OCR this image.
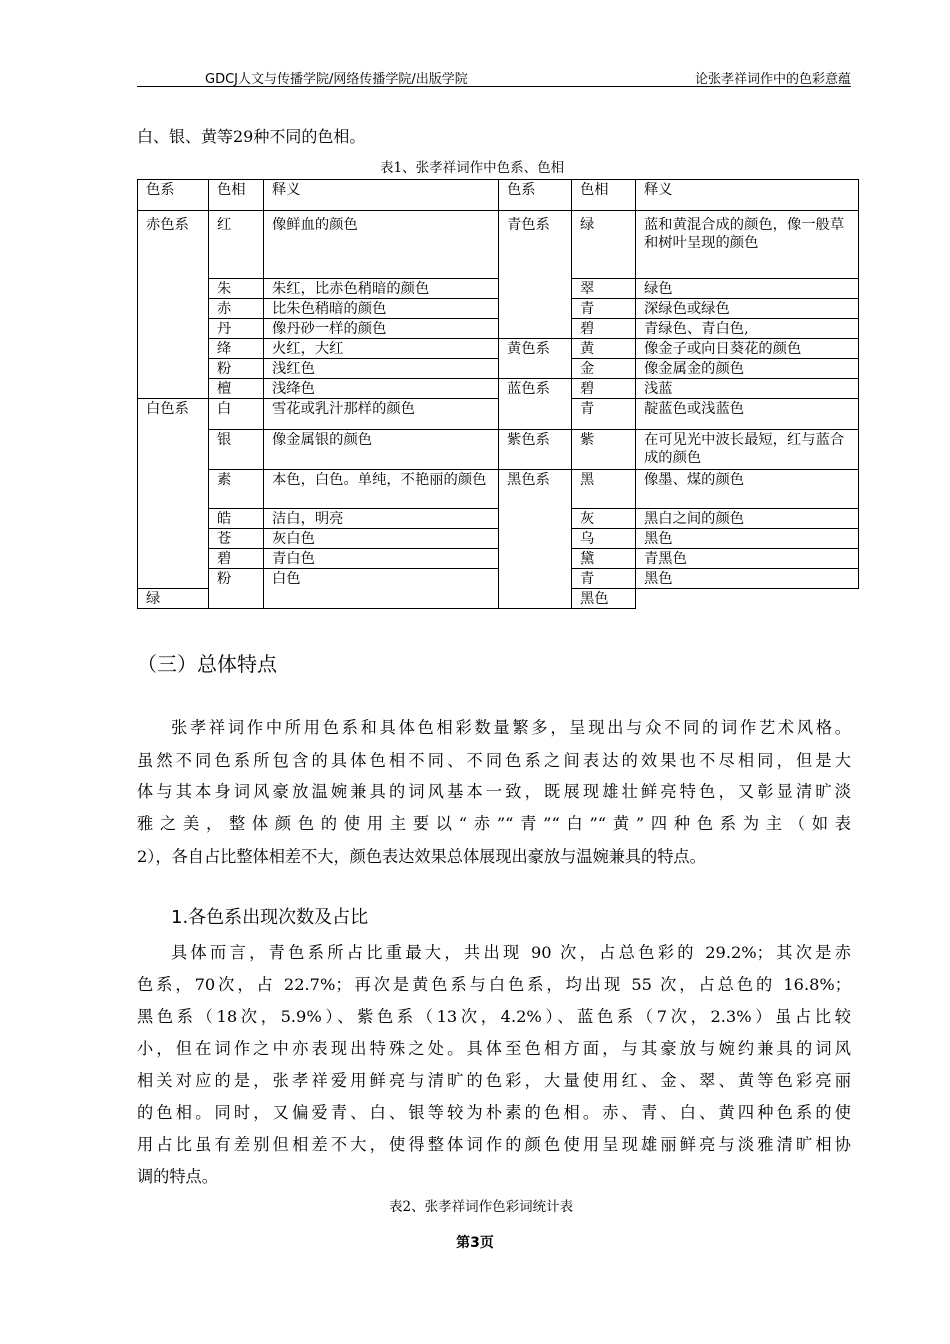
GDCJ人文与传播学院/网络传播学院/出版学院	论张孝祥词作中的色彩意蕴
白、银、黄等29种不同的色相。
表1、张孝祥词作中色系、色相
色系	色相	释义	色系	色相	释义
赤色系	红	像鲜血的颜色	青色系	绿	蓝和黄混合成的颜色，像一般草和树叶呈现的颜色
	朱	朱红，比赤色稍暗的颜色		翠	绿色
	赤	比朱色稍暗的颜色		青	深绿色或绿色
	丹	像丹砂一样的颜色		碧	青绿色、青白色,
	绛	火红，大红	黄色系	黄	像金子或向日葵花的颜色
	粉	浅红色		金	像金属金的颜色
	檀	浅绛色	蓝色系	碧	浅蓝
白色系	白	雪花或乳汁那样的颜色		青	靛蓝色或浅蓝色
	银	像金属银的颜色	紫色系	紫	在可见光中波长最短，红与蓝合成的颜色
	素	本色，白色。单纯，不艳丽的颜色	黑色系	黑	像墨、煤的颜色
	皓	洁白，明亮		灰	黑白之间的颜色
	苍	灰白色		乌	黑色
	碧	青白色		黛	青黑色
	粉	白色		青	黑色
绿				黑色	
（三）总体特点
张孝祥词作中所用色系和具体色相彩数量繁多，呈现出与众不同的词作艺术风格。
虽然不同色系所包含的具体色相不同、不同色系之间表达的效果也不尽相同，但是大
体与其本身词风豪放温婉兼具的词风基本一致，既展现雄壮鲜亮特色，又彰显清旷淡
雅之美，整体颜色的使用主要以“赤”“青”“白”“黄”四种色系为主（如表
2），各自占比整体相差不大，颜色表达效果总体展现出豪放与温婉兼具的特点。
1.各色系出现次数及占比
具体而言，青色系所占比重最大，共出现 90 次，占总色彩的 29.2%；其次是赤
色系，70次，占 22.7%；再次是黄色系与白色系，均出现 55 次，占总色的 16.8%；
黑色系（18次，5.9%）、紫色系（13次，4.2%）、蓝色系（7次，2.3%）虽占比较
小，但在词作之中亦表现出特殊之处。具体至色相方面，与其豪放与婉约兼具的词风
相关对应的是，张孝祥爱用鲜亮与清旷的色彩，大量使用红、金、翠、黄等色彩亮丽
的色相。同时，又偏爱青、白、银等较为朴素的色相。赤、青、白、黄四种色系的使
用占比虽有差别但相差不大，使得整体词作的颜色使用呈现雄丽鲜亮与淡雅清旷相协
调的特点。
表2、张孝祥词作色彩词统计表
第3页
